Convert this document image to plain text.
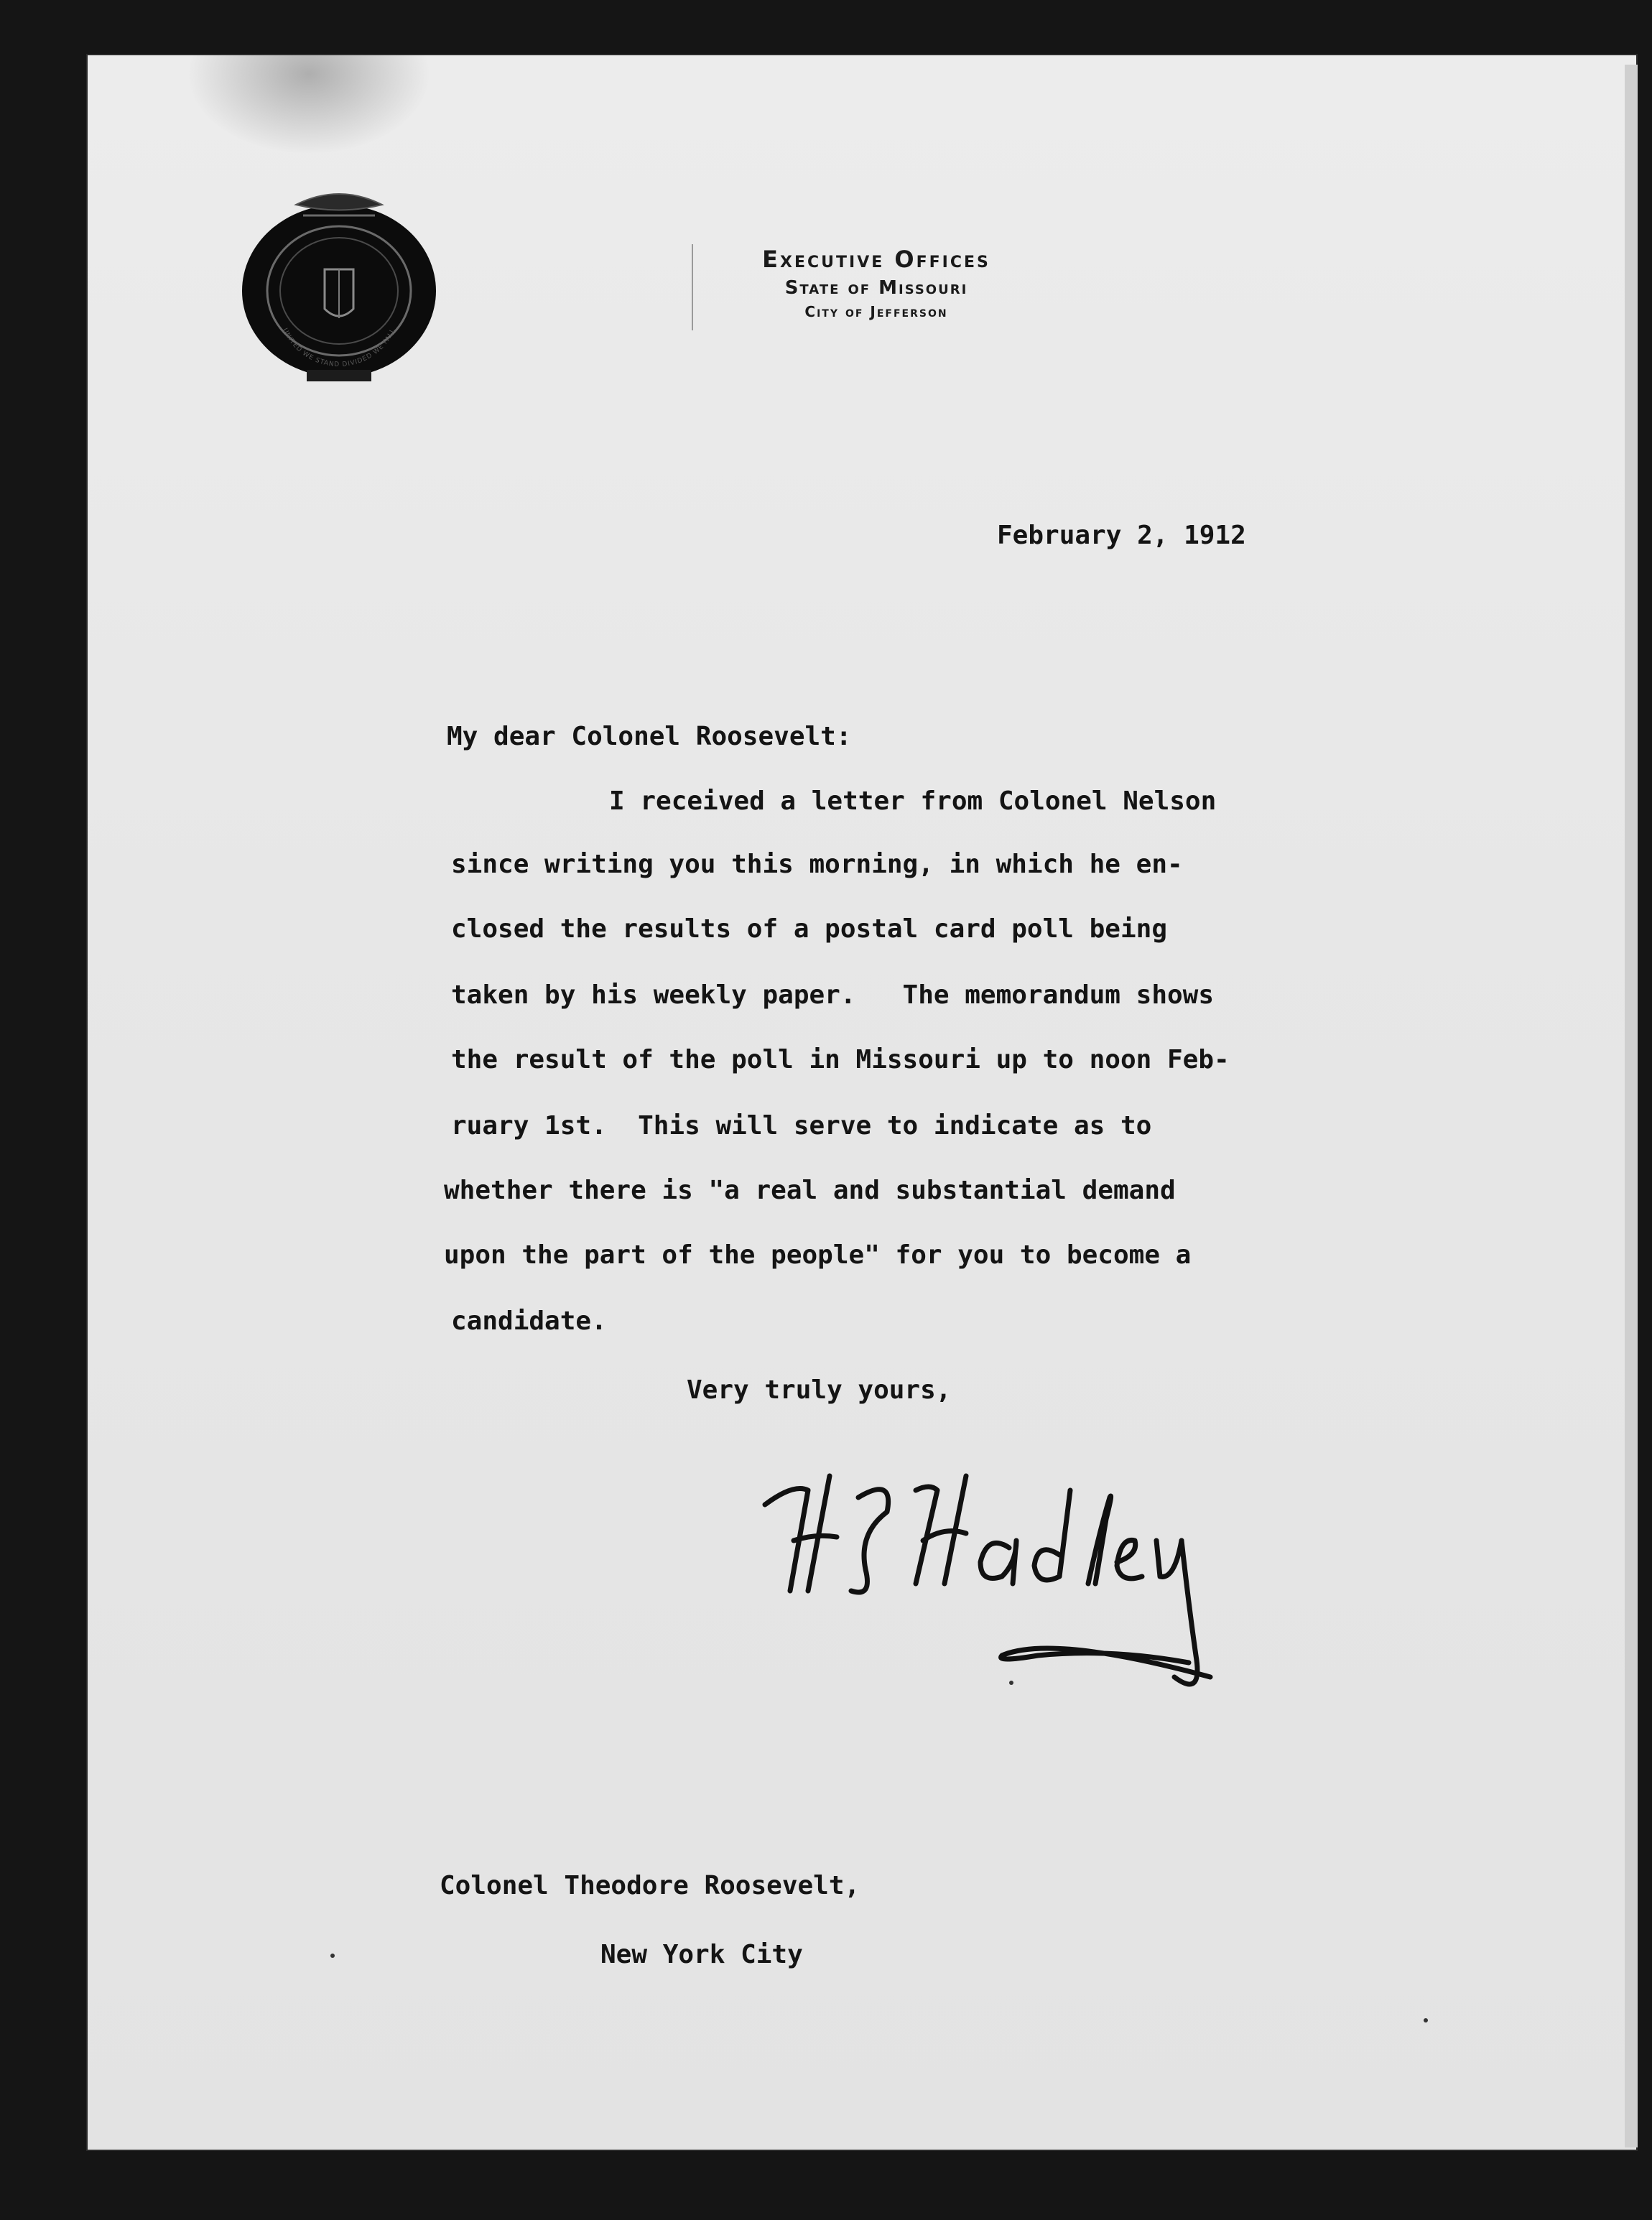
UNITED WE STAND DIVIDED WE FALL
Executive Offices
State of Missouri
City of Jefferson
February 2, 1912
My dear Colonel Roosevelt:
I received a letter from Colonel Nelson
since writing you this morning, in which he en-
closed the results of a postal card poll being
taken by his weekly paper.   The memorandum shows
the result of the poll in Missouri up to noon Feb-
ruary 1st.  This will serve to indicate as to
whether there is "a real and substantial demand
upon the part of the people" for you to become a
candidate.
Very truly yours,
Colonel Theodore Roosevelt,
New York City
